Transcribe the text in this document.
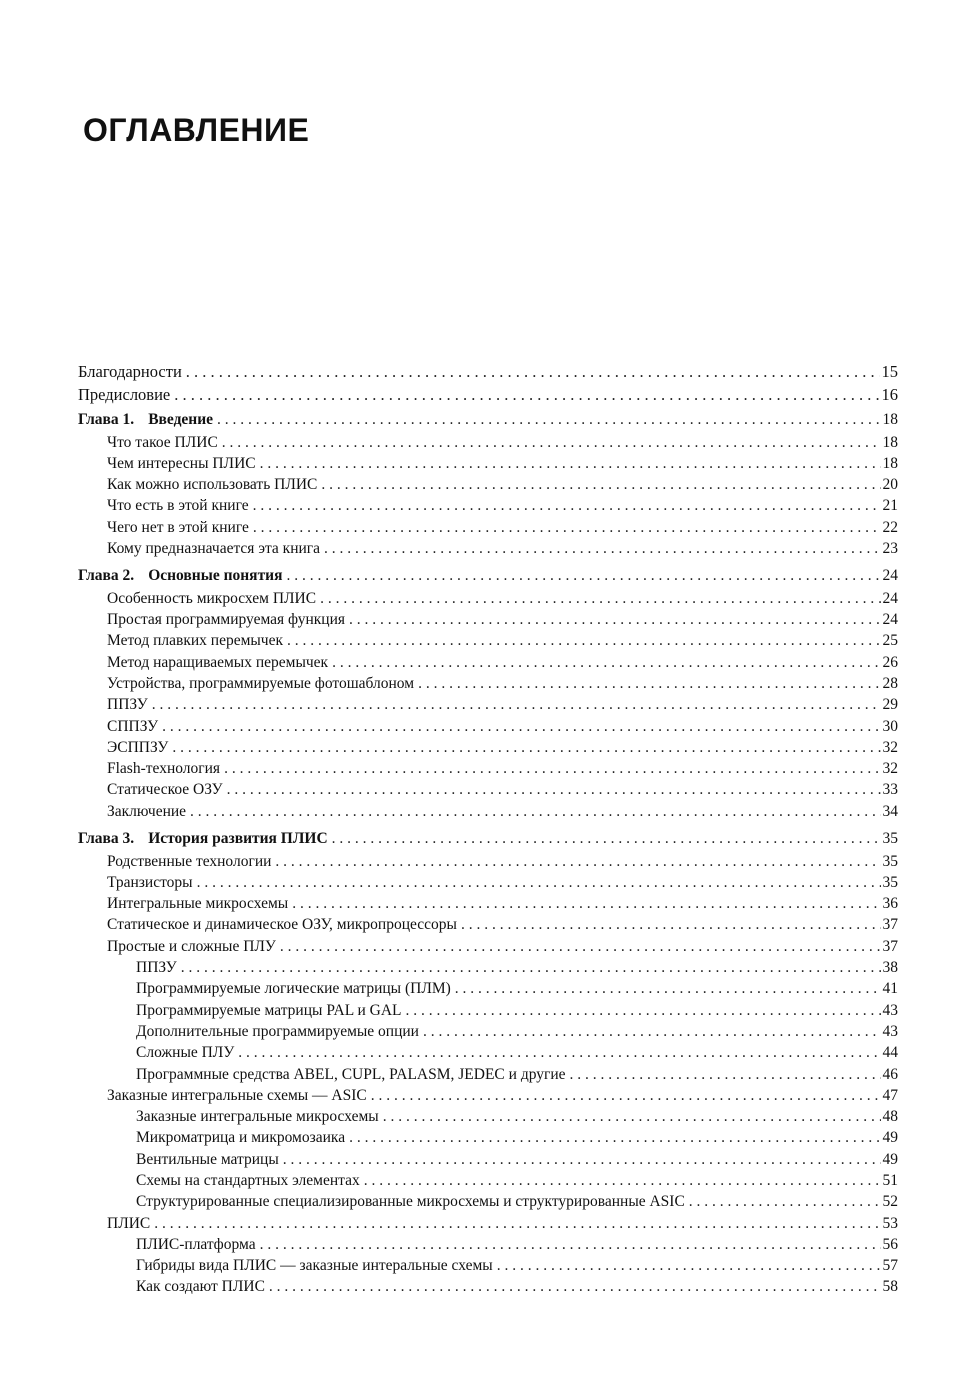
ОГЛАВЛЕНИЕ
Благодарности . . .	15
Предисловие . . .	16
Глава 1. Введение . . .	18
Что такое ПЛИС . . .	18
Чем интересны ПЛИС . . .	18
Как можно использовать ПЛИС . . .	20
Что есть в этой книге . . .	21
Чего нет в этой книге . . .	22
Кому предназначается эта книга . . .	23
Глава 2. Основные понятия . . .	24
Особенность микросхем ПЛИС . . .	24
Простая программируемая функция . . .	24
Метод плавких перемычек . . .	25
Метод наращиваемых перемычек . . .	26
Устройства, программируемые фотошаблоном . . .	28
ППЗУ . . .	29
СППЗУ . . .	30
ЭСППЗУ . . .	32
Flash-технология . . .	32
Статическое ОЗУ . . .	33
Заключение . . .	34
Глава 3. История развития ПЛИС . . .	35
Родственные технологии . . .	35
Транзисторы . . .	35
Интегральные микросхемы . . .	36
Статическое и динамическое ОЗУ, микропроцессоры . . .	37
Простые и сложные ПЛУ . . .	37
ППЗУ . . .	38
Программируемые логические матрицы (ПЛМ) . . .	41
Программируемые матрицы PAL и GAL . . .	43
Дополнительные программируемые опции . . .	43
Сложные ПЛУ . . .	44
Программные средства ABEL, CUPL, PALASM, JEDEC и другие . . .	46
Заказные интегральные схемы — ASIC . . .	47
Заказные интегральные микросхемы . . .	48
Микроматрица и микромозаика . . .	49
Вентильные матрицы . . .	49
Схемы на стандартных элементах . . .	51
Структурированные специализированные микросхемы и структурированные ASIC . . .	52
ПЛИС . . .	53
ПЛИС-платформа . . .	56
Гибриды вида ПЛИС — заказные интеральные схемы . . .	57
Как создают ПЛИС . . .	58
